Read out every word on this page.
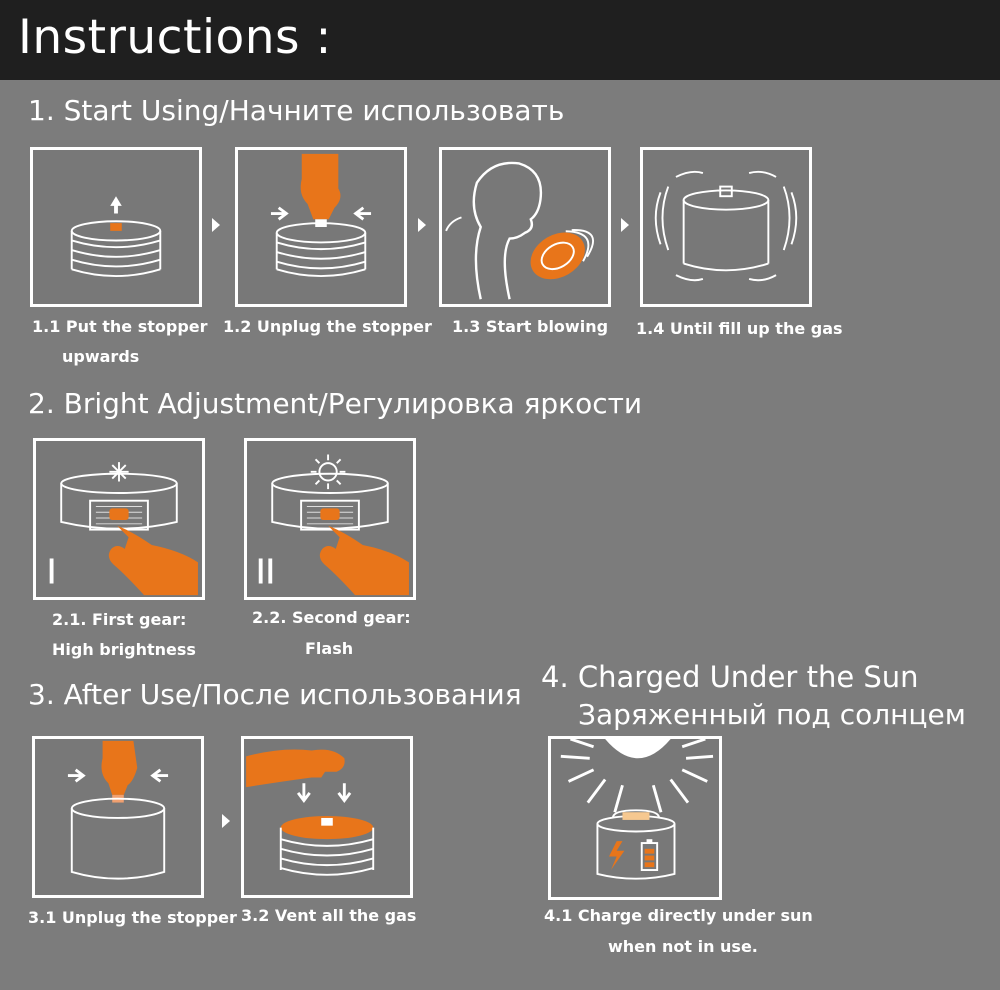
Instructions :
1. Start Using/Начните использовать
1.1 Put the stopper
upwards
1.2 Unplug the stopper 1.3 Start blowing 1.4 Until fill up the gas
2. Bright Adjustment/Регулировка яркости
2.1. First gear:
High brightness
2.2. Second gear:
Flash
3. After Use/После использования
3.1 Unplug the stopper 3.2 Vent all the gas
4. Charged Under the Sun
Заряженный под солнцем
4.1 Charge directly under sun
when not in use.
